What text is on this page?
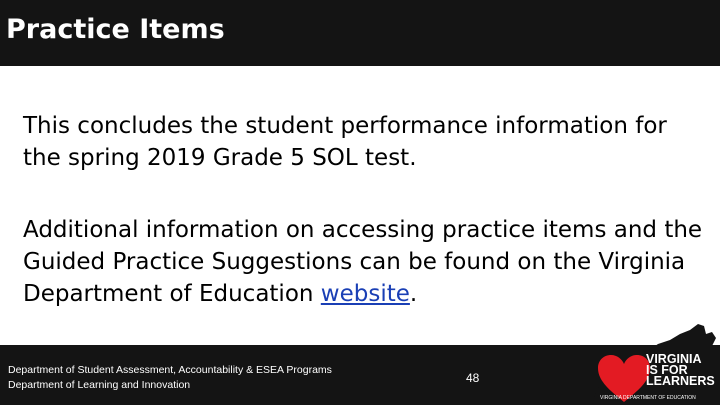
Practice Items

This concludes the student performance information for the spring 2019 Grade 5 SOL test.

Additional information on accessing practice items and the Guided Practice Suggestions can be found on the Virginia Department of Education website.

Department of Student Assessment, Accountability & ESEA Programs
Department of Learning and Innovation	48
VIRGINIA
IS FOR
LEARNERS
VIRGINIA DEPARTMENT OF EDUCATION
